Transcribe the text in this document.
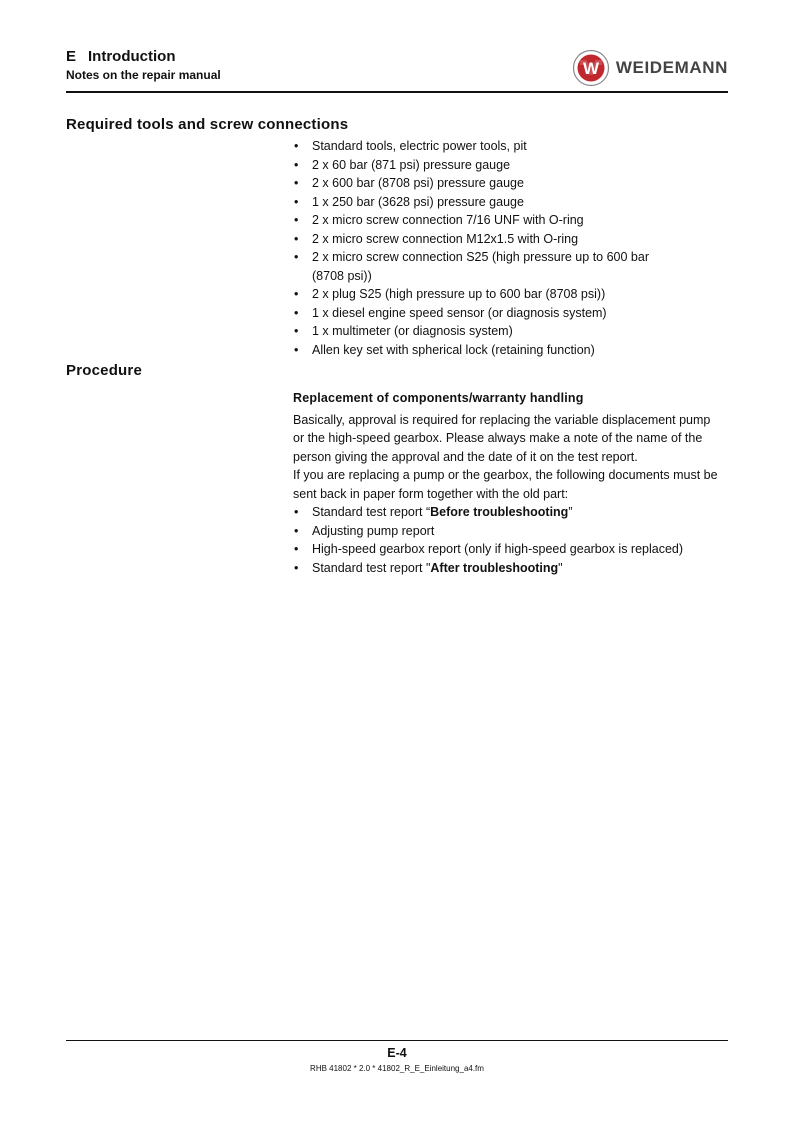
E Introduction
Notes on the repair manual	W WEIDEMANN
Required tools and screw connections
• Standard tools, electric power tools, pit
• 2 x 60 bar (871 psi) pressure gauge
• 2 x 600 bar (8708 psi) pressure gauge
• 1 x 250 bar (3628 psi) pressure gauge
• 2 x micro screw connection 7/16 UNF with O-ring
• 2 x micro screw connection M12x1.5 with O-ring
• 2 x micro screw connection S25 (high pressure up to 600 bar (8708 psi))
• 2 x plug S25 (high pressure up to 600 bar (8708 psi))
• 1 x diesel engine speed sensor (or diagnosis system)
• 1 x multimeter (or diagnosis system)
• Allen key set with spherical lock (retaining function)
Procedure
Replacement of components/warranty handling

Basically, approval is required for replacing the variable displacement pump or the high-speed gearbox. Please always make a note of the name of the person giving the approval and the date of it on the test report.

If you are replacing a pump or the gearbox, the following documents must be sent back in paper form together with the old part:

• Standard test report “Before troubleshooting”
• Adjusting pump report
• High-speed gearbox report (only if high-speed gearbox is replaced)
• Standard test report "After troubleshooting"
E-4
RHB 41802 * 2.0 * 41802_R_E_Einleitung_a4.fm
